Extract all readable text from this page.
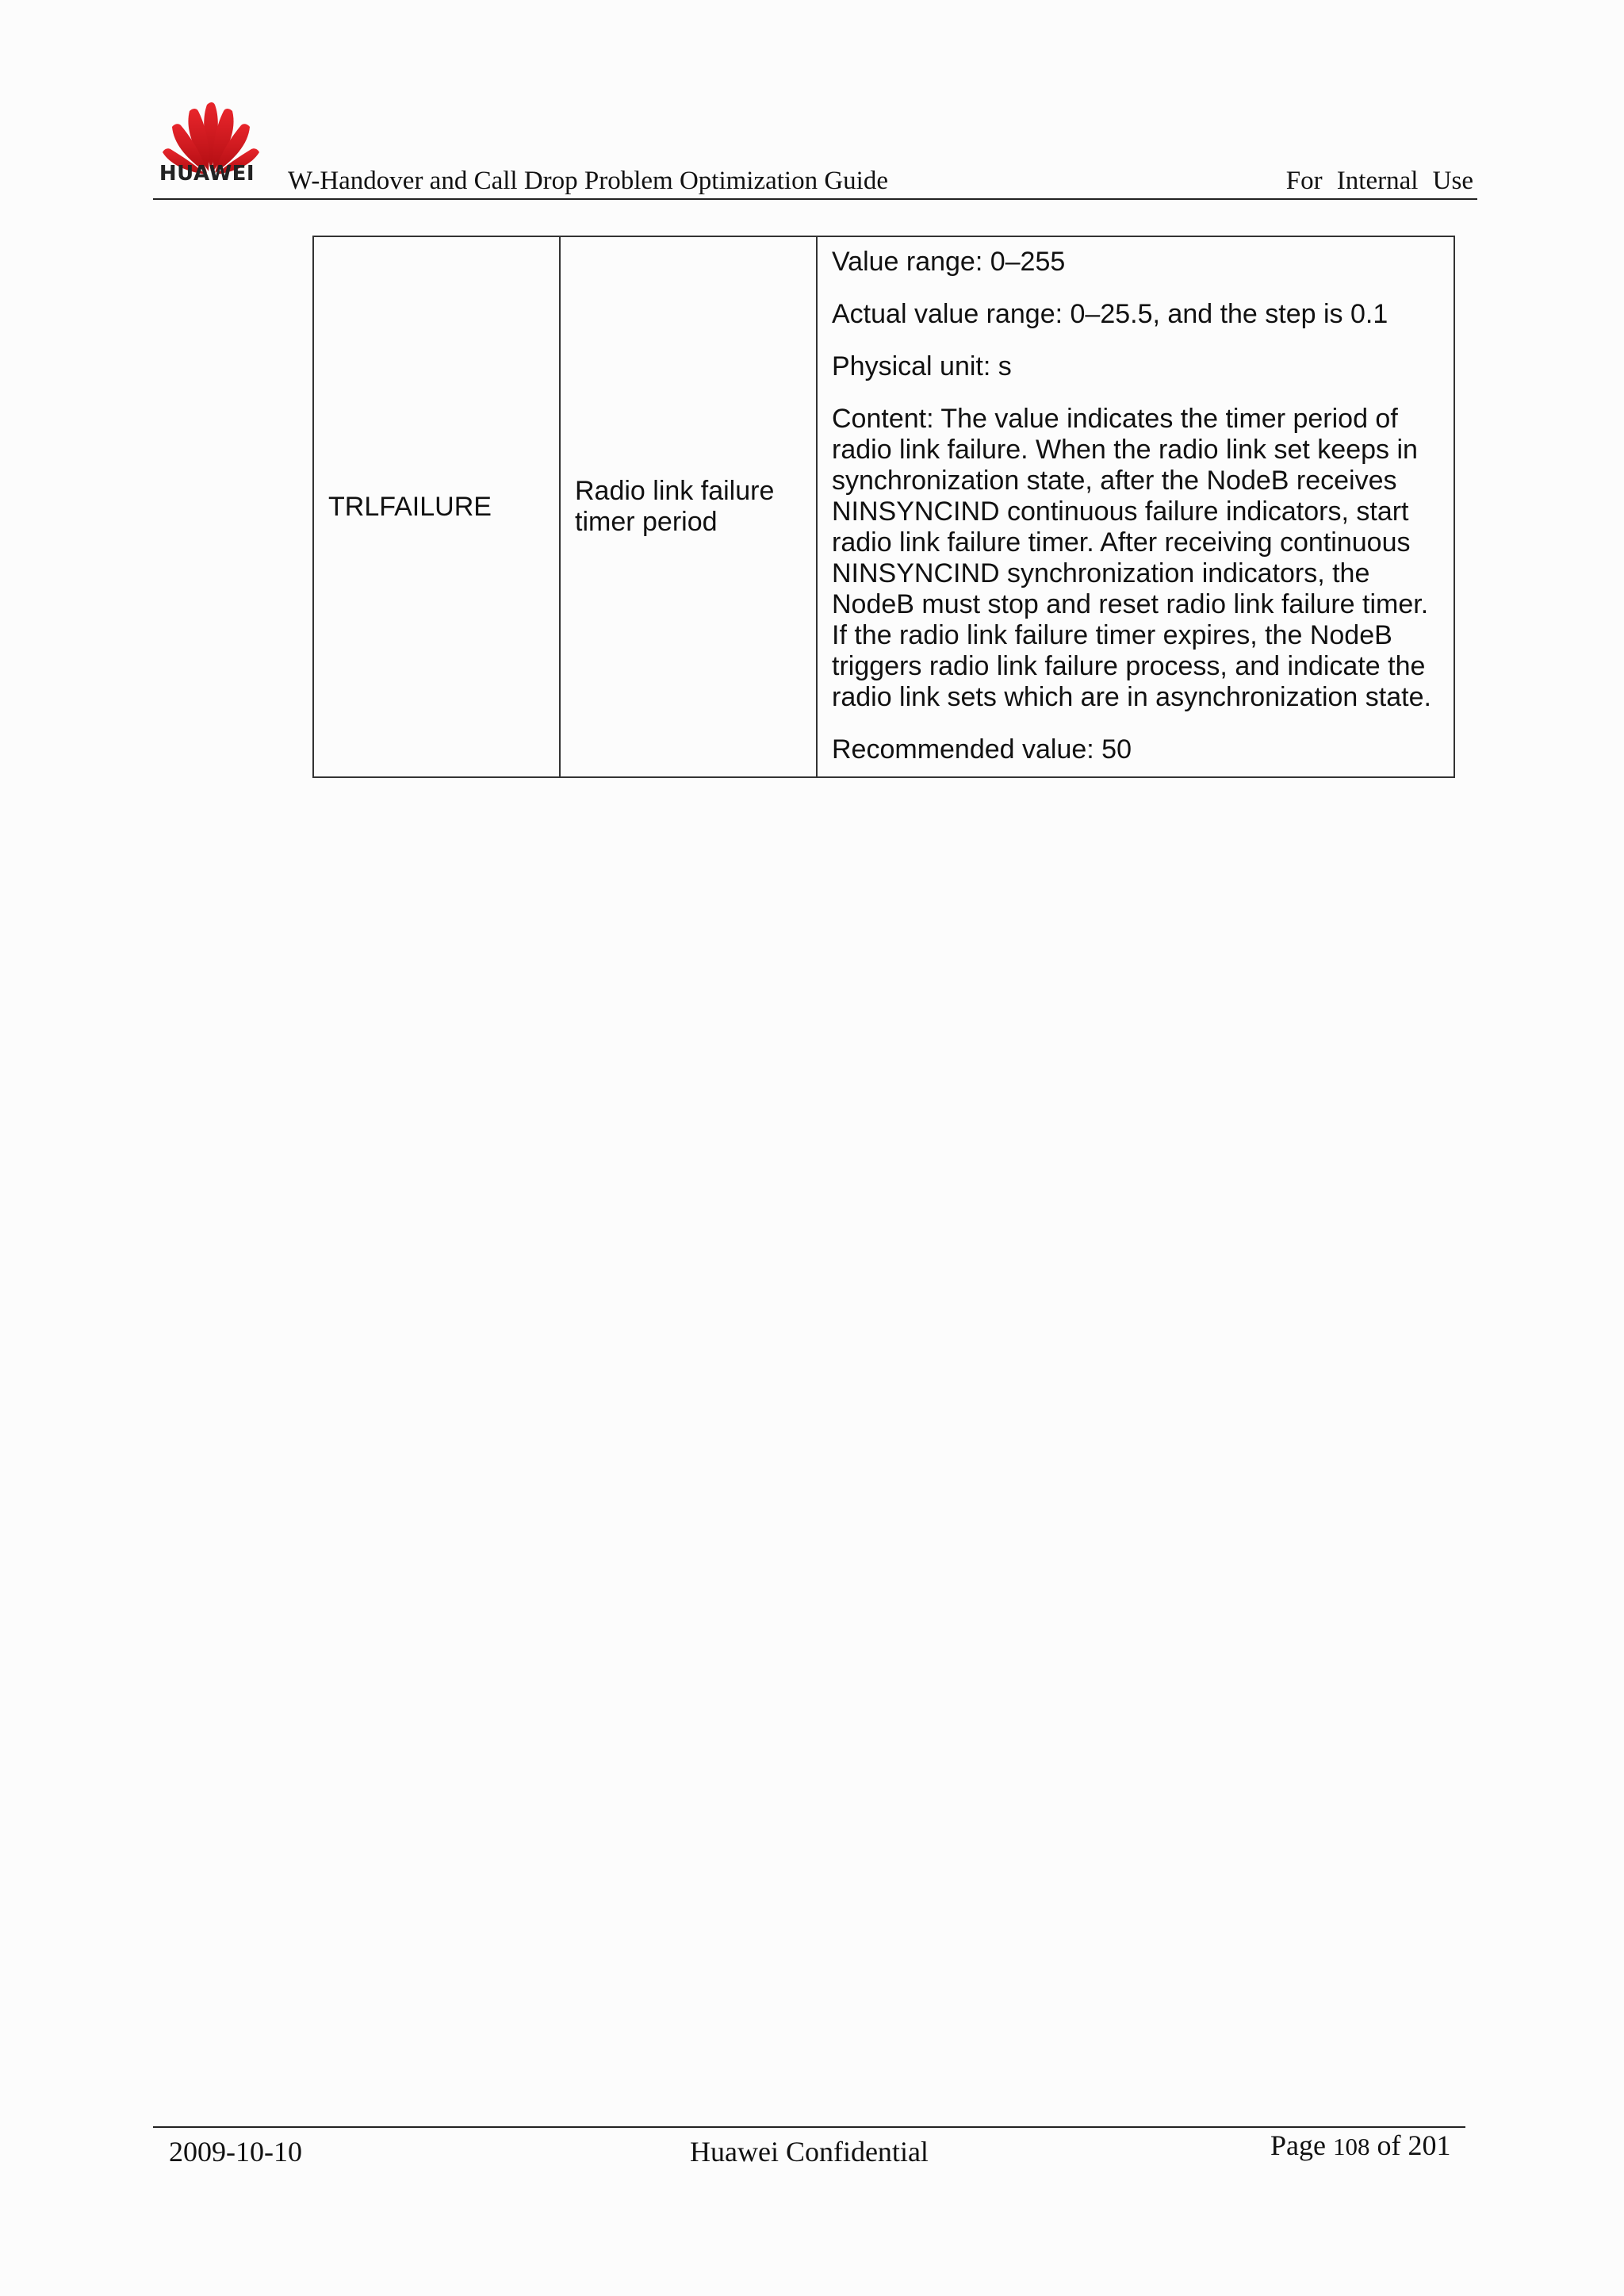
HUAWEI W-Handover and Call Drop Problem Optimization Guide	For Internal Use
TRLFAILURE	Radio link failure timer period	

Value range: 0–255

Actual value range: 0–25.5, and the step is 0.1

Physical unit: s

Content: The value indicates the timer period of radio link failure. When the radio link set keeps in synchronization state, after the NodeB receives NINSYNCIND continuous failure indicators, start radio link failure timer. After receiving continuous NINSYNCIND synchronization indicators, the NodeB must stop and reset radio link failure timer. If the radio link failure timer expires, the NodeB triggers radio link failure process, and indicate the radio link sets which are in asynchronization state.

Recommended value: 50

2009-10-10	Huawei Confidential	Page 108 of 201
